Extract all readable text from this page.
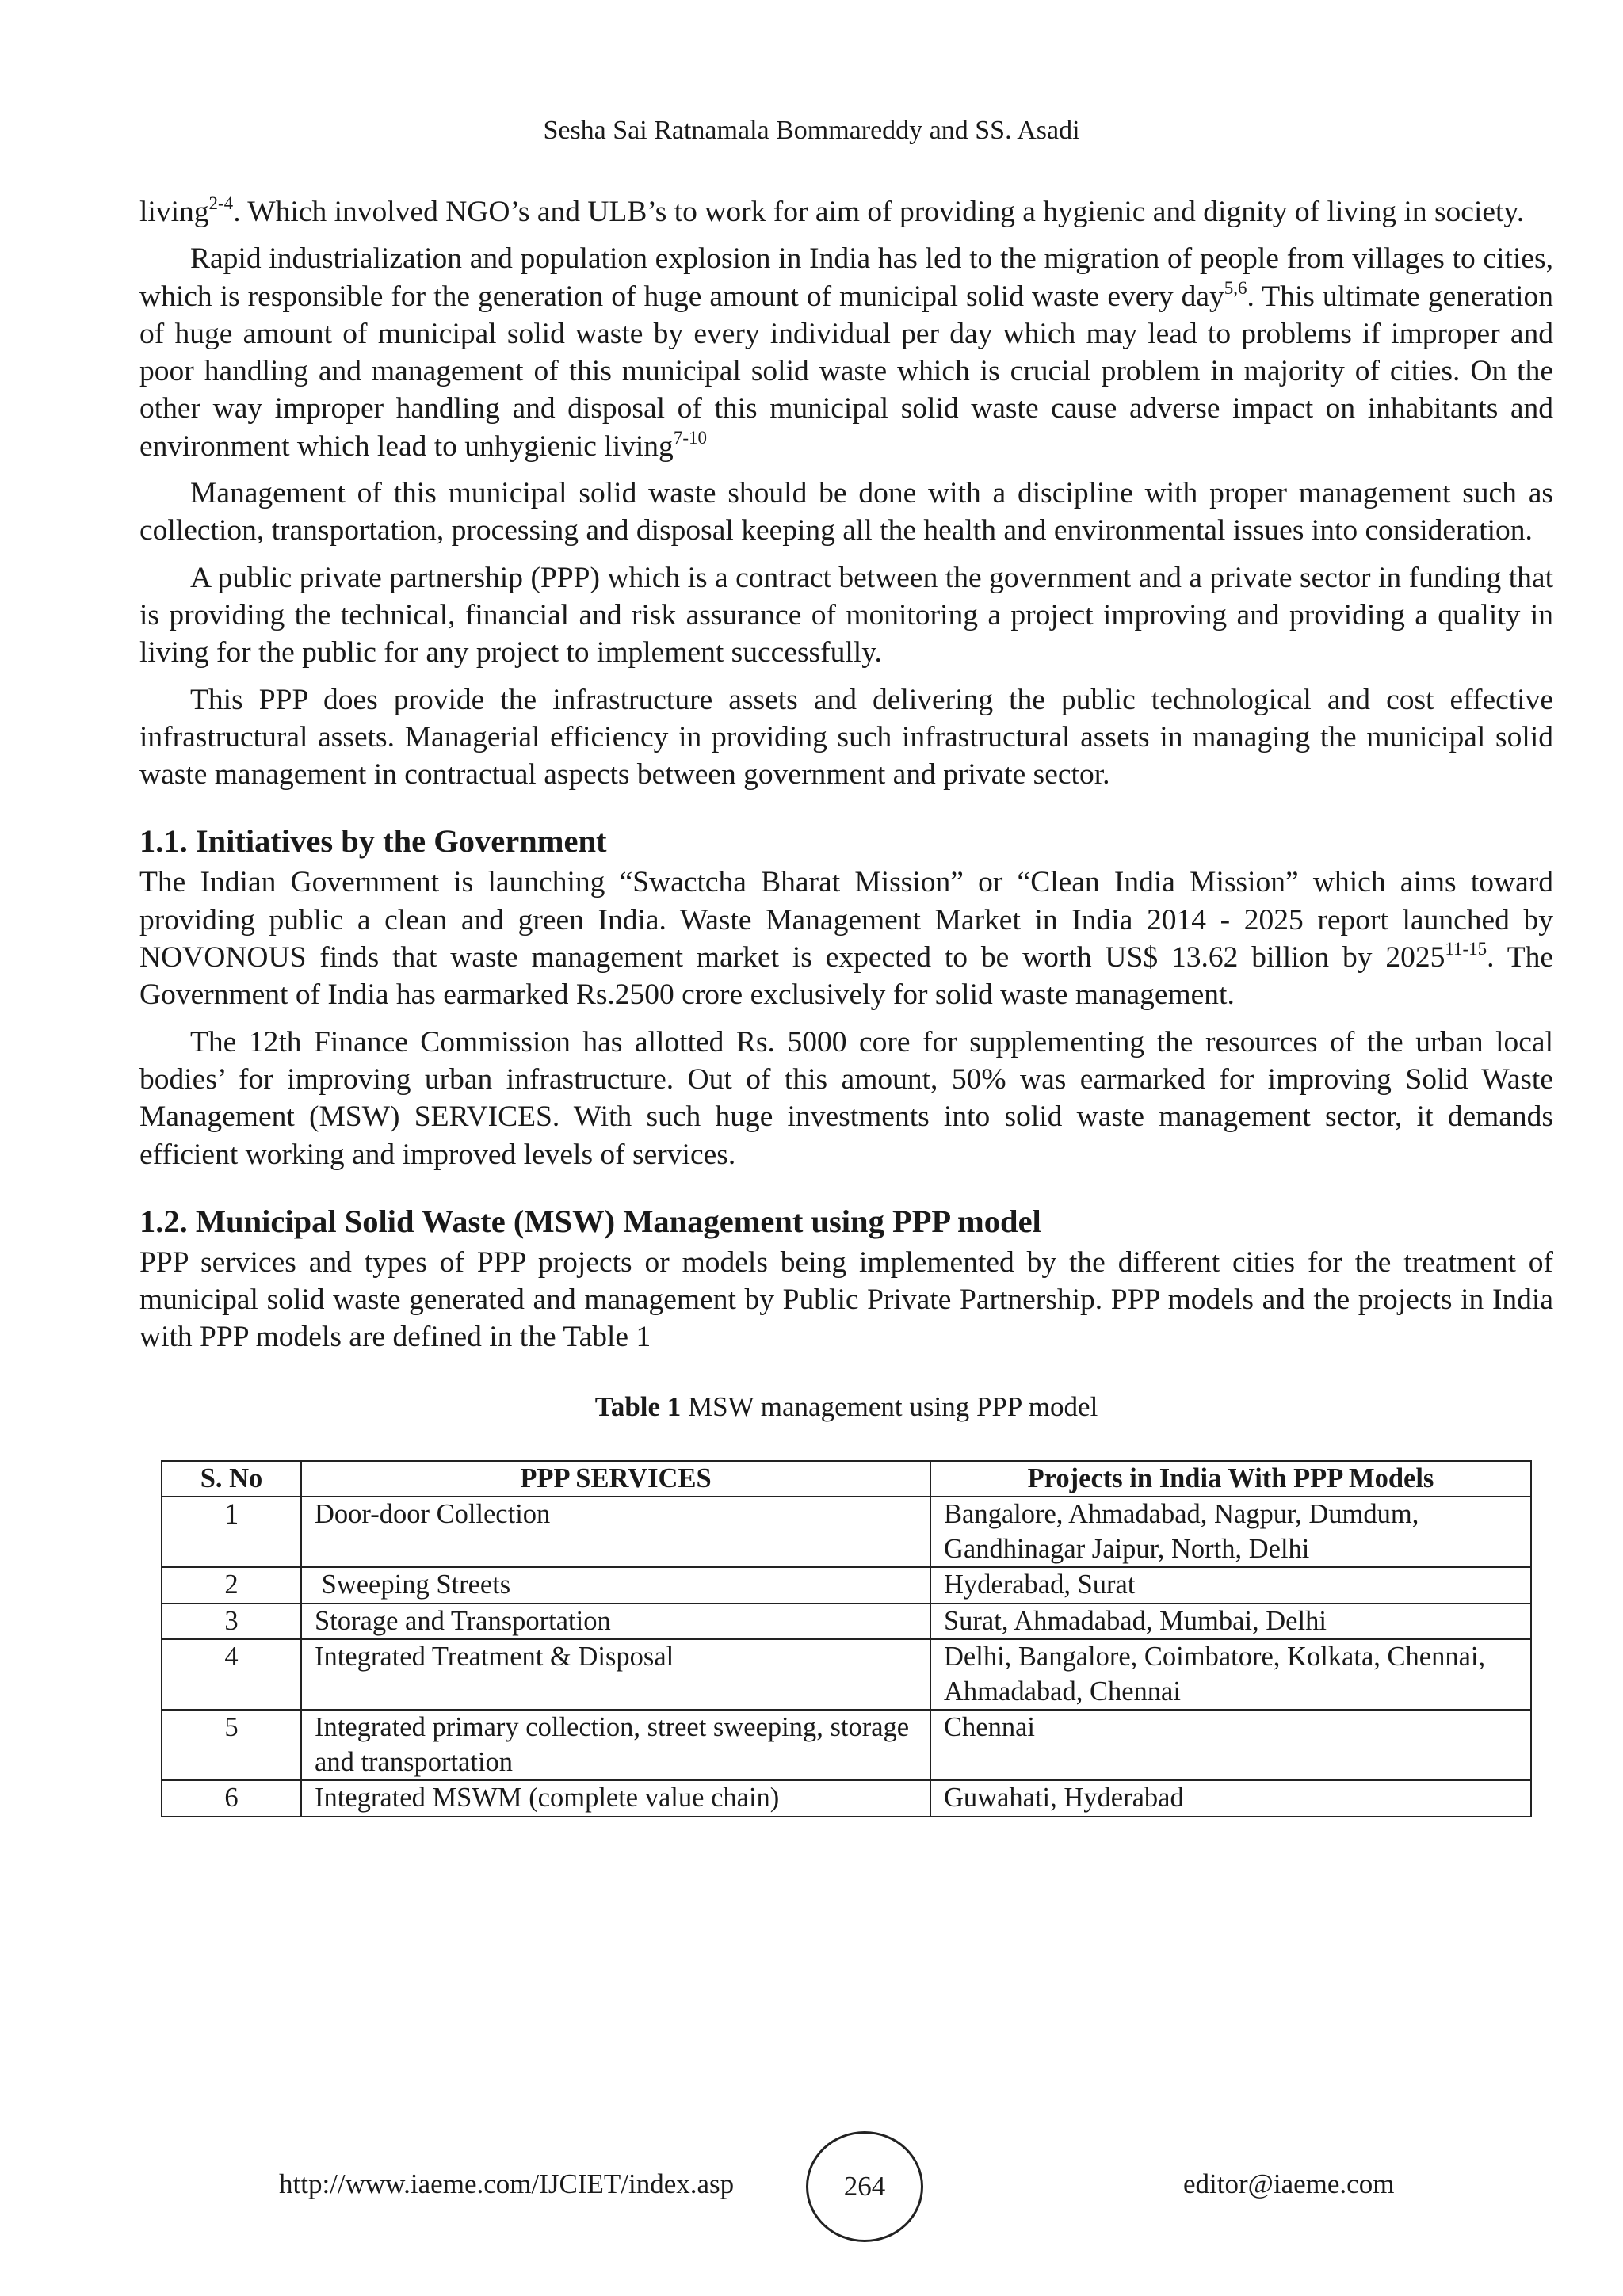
Sesha Sai Ratnamala Bommareddy and SS. Asadi

living$^{2-4}$. Which involved NGO’s and ULB’s to work for aim of providing a hygienic and dignity of living in society.

Rapid industrialization and population explosion in India has led to the migration of people from villages to cities, which is responsible for the generation of huge amount of municipal solid waste every day$^{5,6}$. This ultimate generation of huge amount of municipal solid waste by every individual per day which may lead to problems if improper and poor handling and management of this municipal solid waste which is crucial problem in majority of cities. On the other way improper handling and disposal of this municipal solid waste cause adverse impact on inhabitants and environment which lead to unhygienic living$^{7-10}$

Management of this municipal solid waste should be done with a discipline with proper management such as collection, transportation, processing and disposal keeping all the health and environmental issues into consideration.

A public private partnership (PPP) which is a contract between the government and a private sector in funding that is providing the technical, financial and risk assurance of monitoring a project improving and providing a quality in living for the public for any project to implement successfully.

This PPP does provide the infrastructure assets and delivering the public technological and cost effective infrastructural assets. Managerial efficiency in providing such infrastructural assets in managing the municipal solid waste management in contractual aspects between government and private sector.

1.1. Initiatives by the Government

The Indian Government is launching “Swactcha Bharat Mission” or “Clean India Mission” which aims toward providing public a clean and green India. Waste Management Market in India 2014 - 2025 report launched by NOVONOUS finds that waste management market is expected to be worth US$ 13.62 billion by 2025$^{11-15}$. The Government of India has earmarked Rs.2500 crore exclusively for solid waste management.

The 12th Finance Commission has allotted Rs. 5000 core for supplementing the resources of the urban local bodies’ for improving urban infrastructure. Out of this amount, 50% was earmarked for improving Solid Waste Management (MSW) SERVICES. With such huge investments into solid waste management sector, it demands efficient working and improved levels of services.

1.2. Municipal Solid Waste (MSW) Management using PPP model

PPP services and types of PPP projects or models being implemented by the different cities for the treatment of municipal solid waste generated and management by Public Private Partnership. PPP models and the projects in India with PPP models are defined in the Table 1

Table 1 MSW management using PPP model
S. No	PPP SERVICES	Projects in India With PPP Models
1	Door-door Collection	Bangalore, Ahmadabad, Nagpur, Dumdum, Gandhinagar Jaipur, North, Delhi
2	Sweeping Streets	Hyderabad, Surat
3	Storage and Transportation	Surat, Ahmadabad, Mumbai, Delhi
4	Integrated Treatment & Disposal	Delhi, Bangalore, Coimbatore, Kolkata, Chennai, Ahmadabad, Chennai
5	Integrated primary collection, street sweeping, storage and transportation	Chennai
6	Integrated MSWM (complete value chain)	Guwahati, Hyderabad
http://www.iaeme.com/IJCIET/index.asp	264	editor@iaeme.com
